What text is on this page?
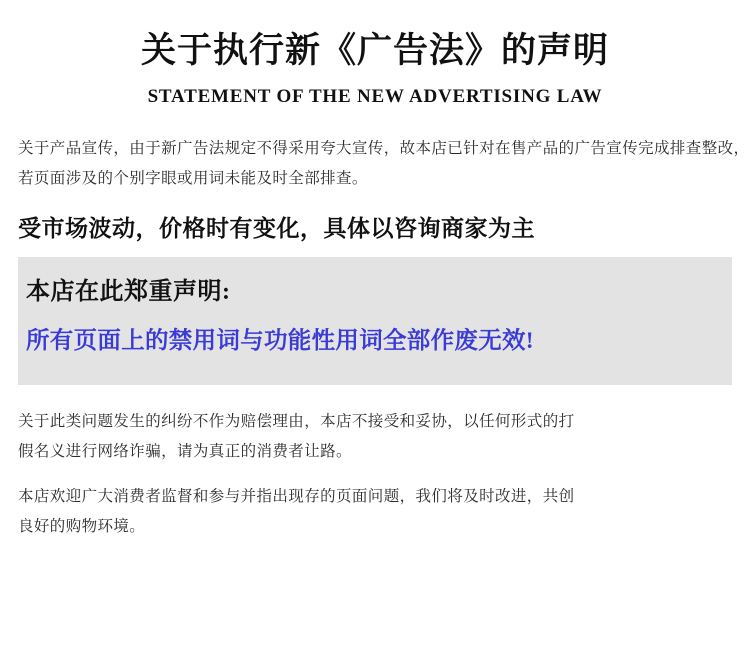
关于执行新《广告法》的声明
STATEMENT OF THE NEW ADVERTISING LAW
关于产品宣传，由于新广告法规定不得采用夸大宣传，故本店已针对在售产品的广告宣传完成排查整改，
若页面涉及的个别字眼或用词未能及时全部排查。
受市场波动，价格时有变化，具体以咨询商家为主
本店在此郑重声明:
所有页面上的禁用词与功能性用词全部作废无效!
关于此类问题发生的纠纷不作为赔偿理由，本店不接受和妥协，以任何形式的打
假名义进行网络诈骗，请为真正的消费者让路。
本店欢迎广大消费者监督和参与并指出现存的页面问题，我们将及时改进，共创
良好的购物环境。
